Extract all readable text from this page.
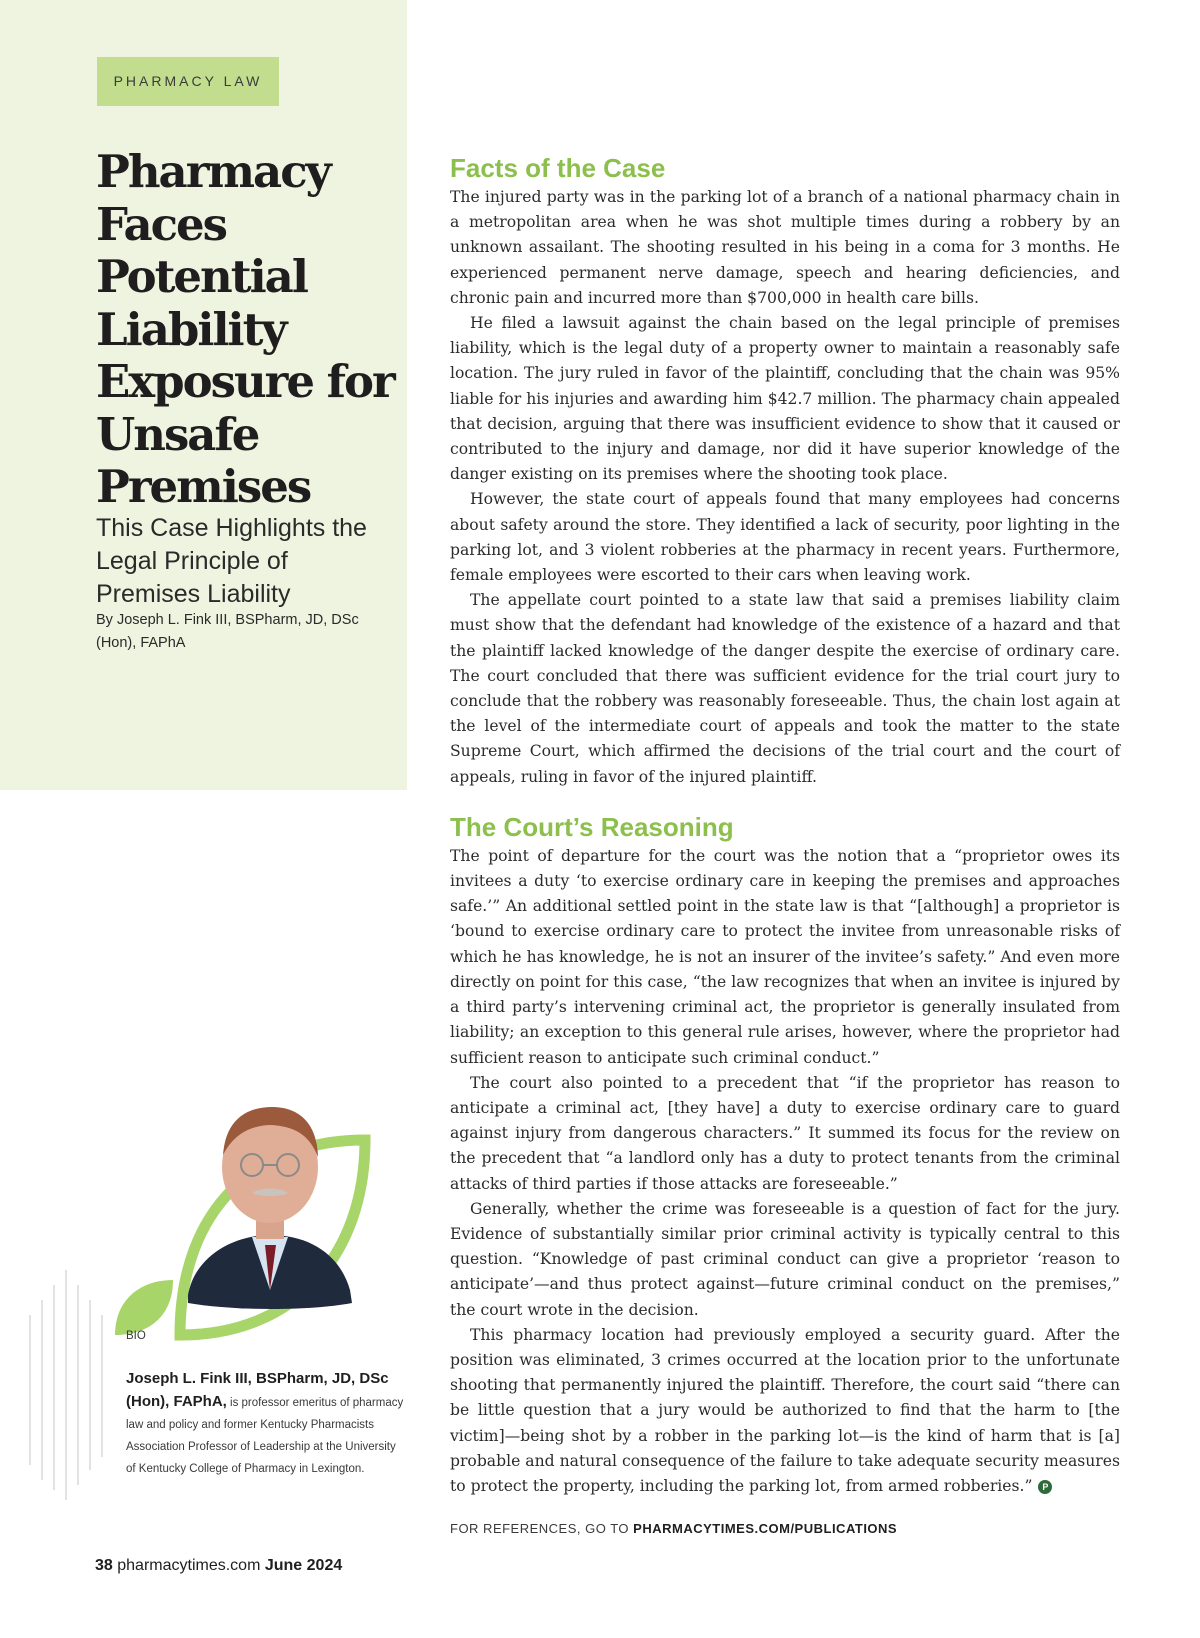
PHARMACY LAW
Pharmacy Faces Potential Liability Exposure for Unsafe Premises
This Case Highlights the Legal Principle of Premises Liability

By Joseph L. Fink III, BSPharm, JD, DSc (Hon), FAPhA

Facts of the Case

The injured party was in the parking lot of a branch of a national pharmacy chain in a metropolitan area when he was shot multiple times during a robbery by an unknown assailant. The shooting resulted in his being in a coma for 3 months. He experienced permanent nerve damage, speech and hearing deficiencies, and chronic pain and incurred more than $700,000 in health care bills.

He filed a lawsuit against the chain based on the legal principle of premises liability, which is the legal duty of a property owner to maintain a reasonably safe location. The jury ruled in favor of the plaintiff, concluding that the chain was 95% liable for his injuries and awarding him $42.7 million. The pharmacy chain appealed that decision, arguing that there was insufficient evidence to show that it caused or contributed to the injury and damage, nor did it have superior knowledge of the danger existing on its premises where the shooting took place.

However, the state court of appeals found that many employees had concerns about safety around the store. They identified a lack of security, poor lighting in the parking lot, and 3 violent robberies at the pharmacy in recent years. Furthermore, female employees were escorted to their cars when leaving work.

The appellate court pointed to a state law that said a premises liability claim must show that the defendant had knowledge of the existence of a hazard and that the plaintiff lacked knowledge of the danger despite the exercise of ordinary care. The court concluded that there was sufficient evidence for the trial court jury to conclude that the robbery was reasonably foreseeable. Thus, the chain lost again at the level of the intermediate court of appeals and took the matter to the state Supreme Court, which affirmed the decisions of the trial court and the court of appeals, ruling in favor of the injured plaintiff.

The Court’s Reasoning

The point of departure for the court was the notion that a “proprietor owes its invitees a duty ‘to exercise ordinary care in keeping the premises and approaches safe.’” An additional settled point in the state law is that “[although] a proprietor is ‘bound to exercise ordinary care to protect the invitee from unreasonable risks of which he has knowledge, he is not an insurer of the invitee’s safety.” And even more directly on point for this case, “the law recognizes that when an invitee is injured by a third party’s intervening criminal act, the proprietor is generally insulated from liability; an exception to this general rule arises, however, where the proprietor had sufficient reason to anticipate such criminal conduct.”

The court also pointed to a precedent that “if the proprietor has reason to anticipate a criminal act, [they have] a duty to exercise ordinary care to guard against injury from dangerous characters.” It summed its focus for the review on the precedent that “a landlord only has a duty to protect tenants from the criminal attacks of third parties if those attacks are foreseeable.”

Generally, whether the crime was foreseeable is a question of fact for the jury. Evidence of substantially similar prior criminal activity is typically central to this question. “Knowledge of past criminal conduct can give a proprietor ‘reason to anticipate’—and thus protect against—future criminal conduct on the premises,” the court wrote in the decision.

This pharmacy location had previously employed a security guard. After the position was eliminated, 3 crimes occurred at the location prior to the unfortunate shooting that permanently injured the plaintiff. Therefore, the court said “there can be little question that a jury would be authorized to find that the harm to [the victim]—being shot by a robber in the parking lot—is the kind of harm that is [a] probable and natural consequence of the failure to take adequate security measures to protect the property, including the parking lot, from armed robberies.” P

FOR REFERENCES, GO TO PHARMACYTIMES.COM/PUBLICATIONS
BIO

Joseph L. Fink III, BSPharm, JD, DSc (Hon), FAPhA, is professor emeritus of pharmacy law and policy and former Kentucky Pharmacists Association Professor of Leadership at the University of Kentucky College of Pharmacy in Lexington.

38 pharmacytimes.com June 2024
